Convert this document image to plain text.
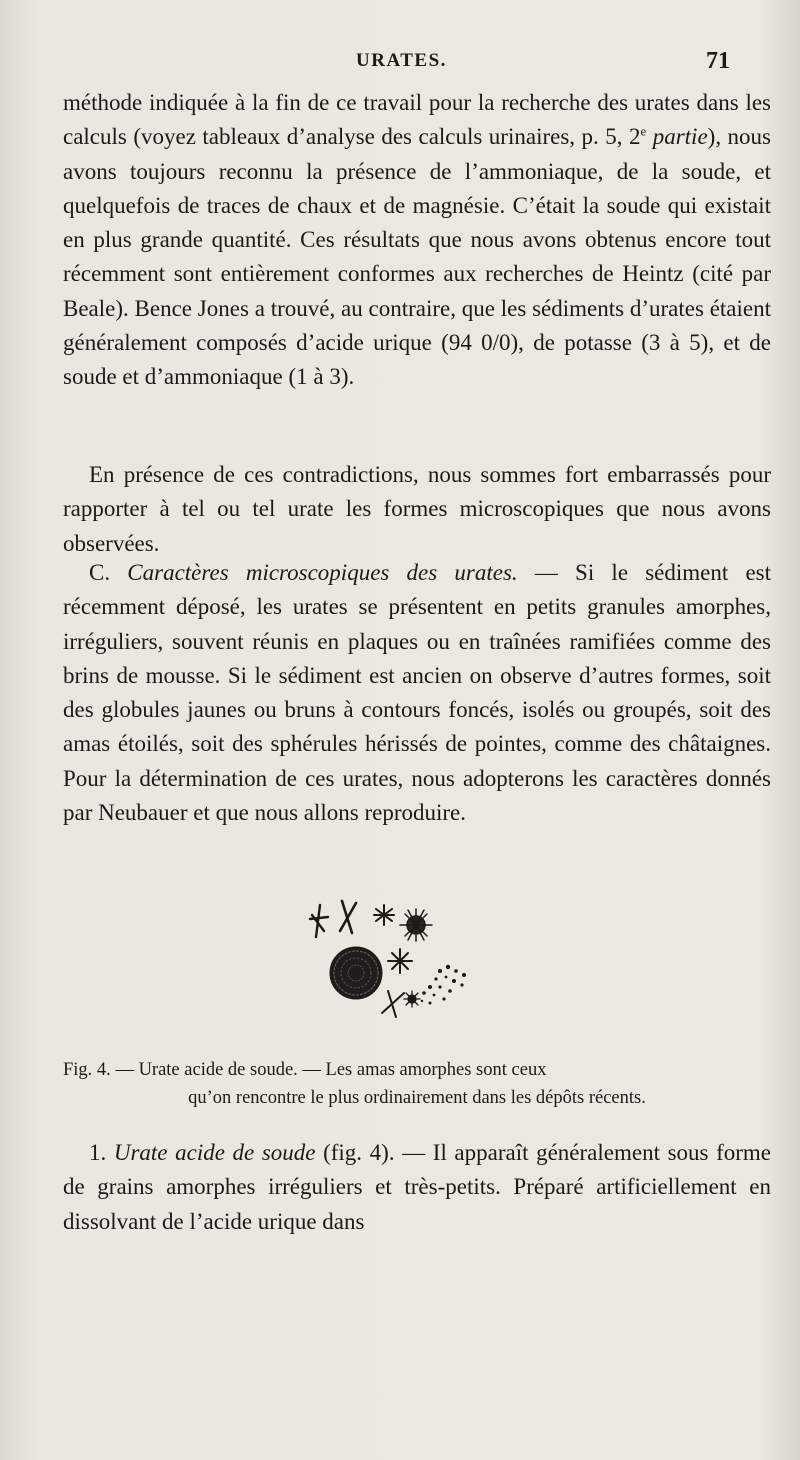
URATES.	71

méthode indiquée à la fin de ce travail pour la recherche des urates dans les calculs (voyez tableaux d’analyse des calculs urinaires, p. 5, 2e partie), nous avons toujours reconnu la présence de l’ammoniaque, de la soude, et quelquefois de traces de chaux et de magnésie. C’était la soude qui existait en plus grande quantité. Ces résultats que nous avons obtenus encore tout récemment sont entièrement conformes aux recherches de Heintz (cité par Beale). Bence Jones a trouvé, au contraire, que les sédiments d’urates étaient généralement composés d’acide urique (94 0/0), de potasse (3 à 5), et de soude et d’ammoniaque (1 à 3).

En présence de ces contradictions, nous sommes fort embarrassés pour rapporter à tel ou tel urate les formes microscopiques que nous avons observées.

C. Caractères microscopiques des urates. — Si le sédiment est récemment déposé, les urates se présentent en petits granules amorphes, irréguliers, souvent réunis en plaques ou en traînées ramifiées comme des brins de mousse. Si le sédiment est ancien on observe d’autres formes, soit des globules jaunes ou bruns à contours foncés, isolés ou groupés, soit des amas étoilés, soit des sphérules hérissés de pointes, comme des châtaignes. Pour la détermination de ces urates, nous adopterons les caractères donnés par Neubauer et que nous allons reproduire.

Fig. 4. — Urate acide de soude. — Les amas amorphes sont ceux
qu’on rencontre le plus ordinairement dans les dépôts récents.

1. Urate acide de soude (fig. 4). — Il apparaît généralement sous forme de grains amorphes irréguliers et très-petits. Préparé artificiellement en dissolvant de l’acide urique dans
